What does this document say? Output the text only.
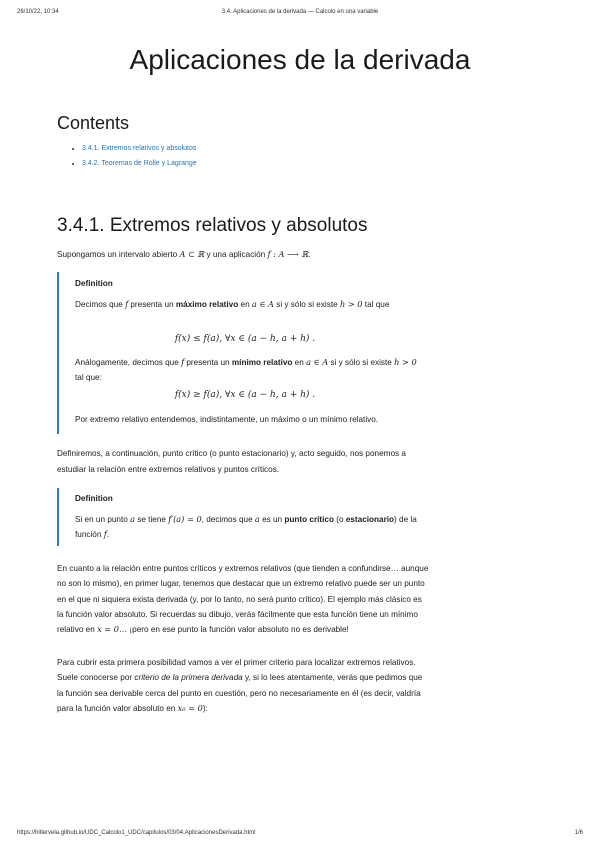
26/10/22, 10:34	3.4. Aplicaciones de la derivada — Calcolo en una variable
Aplicaciones de la derivada
Contents
• 3.4.1. Extremos relativos y absolutos
• 3.4.2. Teoremas de Rolle y Lagrange
3.4.1. Extremos relativos y absolutos

Supongamos un intervalo abierto A ⊂ ℝ y una aplicación f : A ⟶ ℝ.

Definition

Decimos que f presenta un máximo relativo en a ∈ A si y sólo si existe h > 0 tal que

f(x) ≤ f(a), ∀x ∈ (a − h, a + h) .

Análogamente, decimos que f presenta un mínimo relativo en a ∈ A si y sólo si existe h > 0 tal que:

f(x) ≥ f(a), ∀x ∈ (a − h, a + h) .

Por extremo relativo entendemos, indistintamente, un máximo o un mínimo relativo.

Definiremos, a continuación, punto crítico (o punto estacionario) y, acto seguido, nos ponemos a estudiar la relación entre extremos relativos y puntos críticos.

Definition

Si en un punto a se tiene f′(a) = 0, decimos que a es un punto crítico (o estacionario) de la función f.

En cuanto a la relación entre puntos críticos y extremos relativos (que tienden a confundirse… aunque no son lo mismo), en primer lugar, tenemos que destacar que un extremo relativo puede ser un punto en el que ni siquiera exista derivada (y, por lo tanto, no será punto crítico). El ejemplo más clásico es la función valor absoluto. Si recuerdas su dibujo, verás fácilmente que esta función tiene un mínimo relativo en x = 0… ¡pero en ese punto la función valor absoluto no es derivable!

Para cubrir esta primera posibilidad vamos a ver el primer criterio para localizar extremos relativos. Suele conocerse por criterio de la primera derivada y, si lo lees atentamente, verás que pedimos que la función sea derivable cerca del punto en cuestión, pero no necesariamente en él (es decir, valdría para la función valor absoluto en x₀ = 0):

https://hitlervela.github.io/UDC_Calcolo1_UDC/capitulos/03/04.AplicacionesDerivada.html	1/6
